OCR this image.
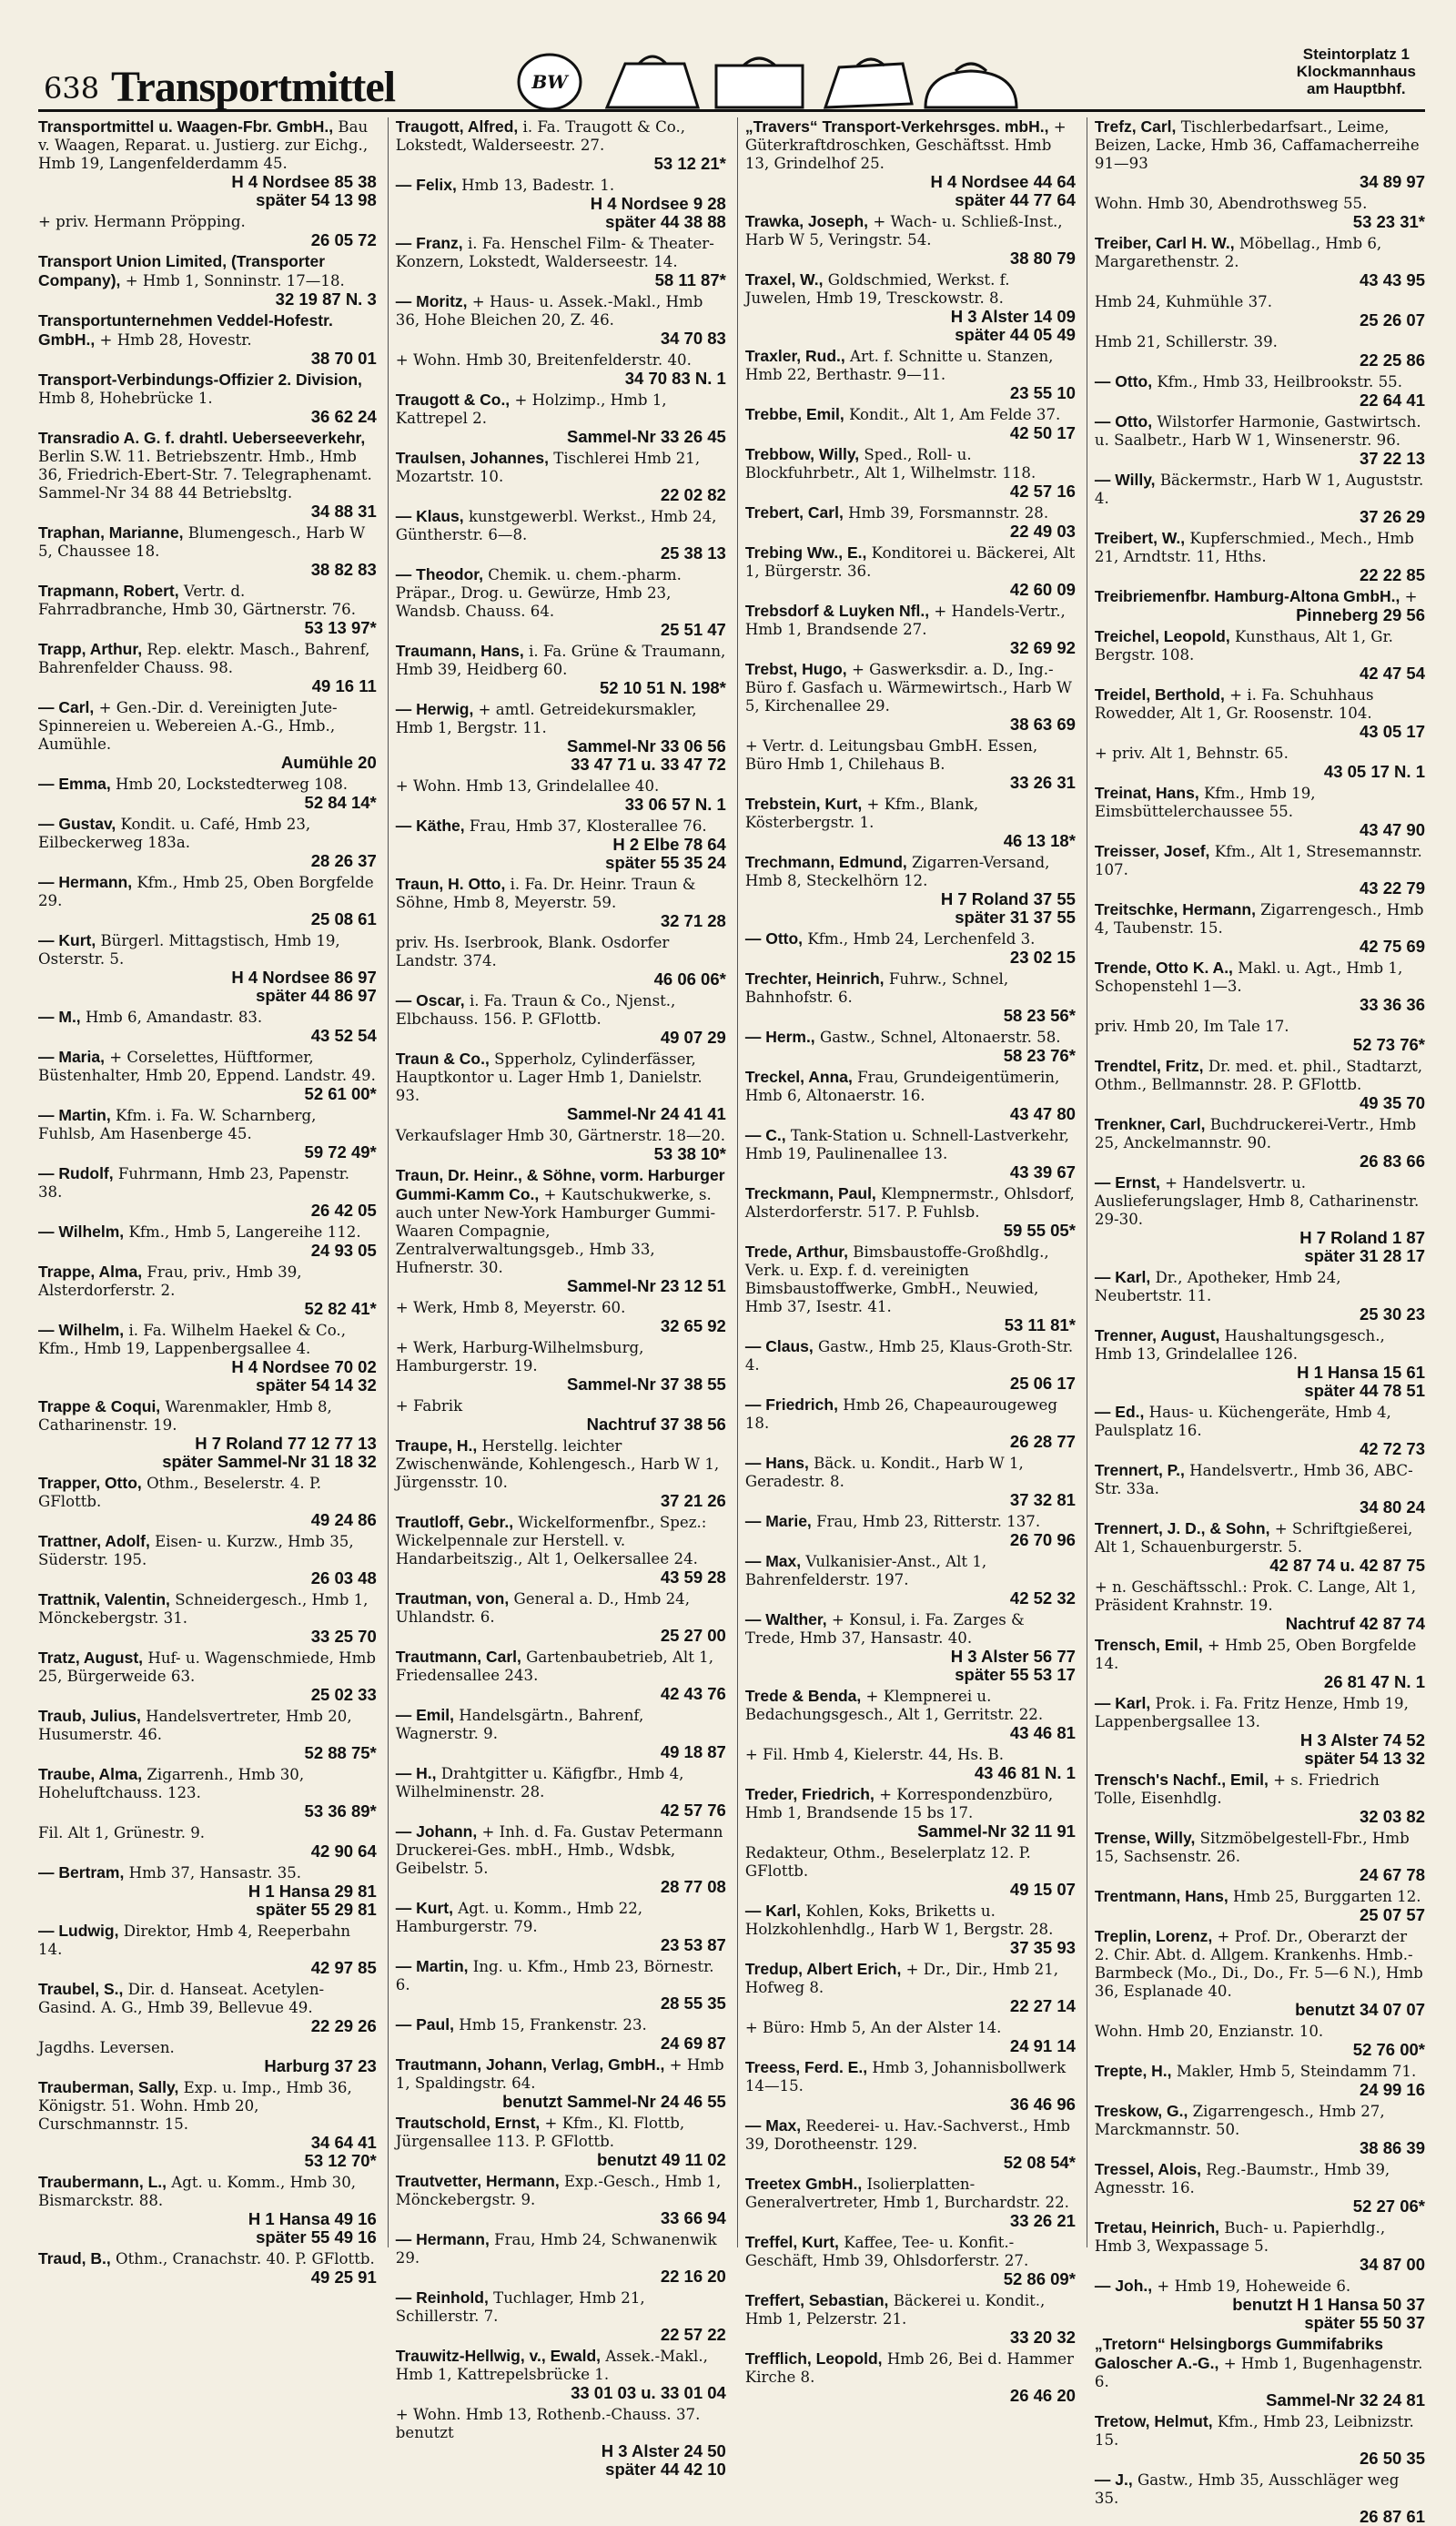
638 Transportmittel	BW
Steintorplatz 1
Klockmannhaus
am Hauptbhf.
Transportmittel u. Waagen-Fbr. GmbH., Bau v. Waagen, Reparat. u. Justierg. zur Eichg., Hmb 19, Langenfelderdamm 45.
H 4 Nordsee 85 38
später 54 13 98
+ priv. Hermann Pröpping.
26 05 72
Transport Union Limited, (Transporter Company), + Hmb 1, Sonninstr. 17—18.
32 19 87 N. 3
Transportunternehmen Veddel-Hofestr. GmbH., + Hmb 28, Hovestr.
38 70 01
Transport-Verbindungs-Offizier 2. Division, Hmb 8, Hohebrücke 1.
36 62 24
Transradio A. G. f. drahtl. Ueberseeverkehr, Berlin S.W. 11. Betriebszentr. Hmb., Hmb 36, Friedrich-Ebert-Str. 7. Telegraphenamt. Sammel-Nr 34 88 44 Betriebsltg.
34 88 31
Traphan, Marianne, Blumengesch., Harb W 5, Chaussee 18.
38 82 83
Trapmann, Robert, Vertr. d. Fahrradbranche, Hmb 30, Gärtnerstr. 76.
53 13 97*
Trapp, Arthur, Rep. elektr. Masch., Bahrenf, Bahrenfelder Chauss. 98.
49 16 11
— Carl, + Gen.-Dir. d. Vereinigten Jute-Spinnereien u. Webereien A.-G., Hmb., Aumühle.
Aumühle 20
— Emma, Hmb 20, Lockstedterweg 108.
52 84 14*
— Gustav, Kondit. u. Café, Hmb 23, Eilbeckerweg 183a.
28 26 37
— Hermann, Kfm., Hmb 25, Oben Borgfelde 29.
25 08 61
— Kurt, Bürgerl. Mittagstisch, Hmb 19, Osterstr. 5.
H 4 Nordsee 86 97
später 44 86 97
— M., Hmb 6, Amandastr. 83.
43 52 54
— Maria, + Corselettes, Hüftformer, Büstenhalter, Hmb 20, Eppend. Landstr. 49.
52 61 00*
— Martin, Kfm. i. Fa. W. Scharnberg, Fuhlsb, Am Hasenberge 45.
59 72 49*
— Rudolf, Fuhrmann, Hmb 23, Papenstr. 38.
26 42 05
— Wilhelm, Kfm., Hmb 5, Langereihe 112.
24 93 05
Trappe, Alma, Frau, priv., Hmb 39, Alsterdorferstr. 2.
52 82 41*
— Wilhelm, i. Fa. Wilhelm Haekel & Co., Kfm., Hmb 19, Lappenbergsallee 4.
H 4 Nordsee 70 02
später 54 14 32
Trappe & Coqui, Warenmakler, Hmb 8, Catharinenstr. 19.
H 7 Roland 77 12 77 13
später Sammel-Nr 31 18 32
Trapper, Otto, Othm., Beselerstr. 4. P. GFlottb.
49 24 86
Trattner, Adolf, Eisen- u. Kurzw., Hmb 35, Süderstr. 195.
26 03 48
Trattnik, Valentin, Schneidergesch., Hmb 1, Mönckebergstr. 31.
33 25 70
Tratz, August, Huf- u. Wagenschmiede, Hmb 25, Bürgerweide 63.
25 02 33
Traub, Julius, Handelsvertreter, Hmb 20, Husumerstr. 46.
52 88 75*
Traube, Alma, Zigarrenh., Hmb 30, Hoheluftchauss. 123.
53 36 89*
Fil. Alt 1, Grünestr. 9.
42 90 64
— Bertram, Hmb 37, Hansastr. 35.
H 1 Hansa 29 81
später 55 29 81
— Ludwig, Direktor, Hmb 4, Reeperbahn 14.
42 97 85
Traubel, S., Dir. d. Hanseat. Acetylen-Gasind. A. G., Hmb 39, Bellevue 49.
22 29 26
Jagdhs. Leversen.
Harburg 37 23
Trauberman, Sally, Exp. u. Imp., Hmb 36, Königstr. 51. Wohn. Hmb 20, Curschmannstr. 15.
34 64 41
53 12 70*
Traubermann, L., Agt. u. Komm., Hmb 30, Bismarckstr. 88.
H 1 Hansa 49 16
später 55 49 16
Traud, B., Othm., Cranachstr. 40. P. GFlottb.
49 25 91
Traugott, Alfred, i. Fa. Traugott & Co., Lokstedt, Walderseestr. 27.
53 12 21*
— Felix, Hmb 13, Badestr. 1.
H 4 Nordsee 9 28
später 44 38 88
— Franz, i. Fa. Henschel Film- & Theater-Konzern, Lokstedt, Walderseestr. 14.
58 11 87*
— Moritz, + Haus- u. Assek.-Makl., Hmb 36, Hohe Bleichen 20, Z. 46.
34 70 83
+ Wohn. Hmb 30, Breitenfelderstr. 40.
34 70 83 N. 1
Traugott & Co., + Holzimp., Hmb 1, Kattrepel 2.
Sammel-Nr 33 26 45
Traulsen, Johannes, Tischlerei Hmb 21, Mozartstr. 10.
22 02 82
— Klaus, kunstgewerbl. Werkst., Hmb 24, Güntherstr. 6—8.
25 38 13
— Theodor, Chemik. u. chem.-pharm. Präpar., Drog. u. Gewürze, Hmb 23, Wandsb. Chauss. 64.
25 51 47
Traumann, Hans, i. Fa. Grüne & Traumann, Hmb 39, Heidberg 60.
52 10 51 N. 198*
— Herwig, + amtl. Getreidekursmakler, Hmb 1, Bergstr. 11.
Sammel-Nr 33 06 56
33 47 71 u. 33 47 72
+ Wohn. Hmb 13, Grindelallee 40.
33 06 57 N. 1
— Käthe, Frau, Hmb 37, Klosterallee 76.
H 2 Elbe 78 64
später 55 35 24
Traun, H. Otto, i. Fa. Dr. Heinr. Traun & Söhne, Hmb 8, Meyerstr. 59.
32 71 28
priv. Hs. Iserbrook, Blank. Osdorfer Landstr. 374.
46 06 06*
— Oscar, i. Fa. Traun & Co., Njenst., Elbchauss. 156. P. GFlottb.
49 07 29
Traun & Co., Spperholz, Cylinderfässer, Hauptkontor u. Lager Hmb 1, Danielstr. 93.
Sammel-Nr 24 41 41
Verkaufslager Hmb 30, Gärtnerstr. 18—20.
53 38 10*
Traun, Dr. Heinr., & Söhne, vorm. Harburger Gummi-Kamm Co., + Kautschukwerke, s. auch unter New-York Hamburger Gummi-Waaren Compagnie, Zentralverwaltungsgeb., Hmb 33, Hufnerstr. 30.
Sammel-Nr 23 12 51
+ Werk, Hmb 8, Meyerstr. 60.
32 65 92
+ Werk, Harburg-Wilhelmsburg, Hamburgerstr. 19.
Sammel-Nr 37 38 55
+ Fabrik
Nachtruf 37 38 56
Traupe, H., Herstellg. leichter Zwischenwände, Kohlengesch., Harb W 1, Jürgensstr. 10.
37 21 26
Trautloff, Gebr., Wickelformenfbr., Spez.: Wickelpennale zur Herstell. v. Handarbeitszig., Alt 1, Oelkersallee 24.
43 59 28
Trautman, von, General a. D., Hmb 24, Uhlandstr. 6.
25 27 00
Trautmann, Carl, Gartenbaubetrieb, Alt 1, Friedensallee 243.
42 43 76
— Emil, Handelsgärtn., Bahrenf, Wagnerstr. 9.
49 18 87
— H., Drahtgitter u. Käfigfbr., Hmb 4, Wilhelminenstr. 28.
42 57 76
— Johann, + Inh. d. Fa. Gustav Petermann Druckerei-Ges. mbH., Hmb., Wdsbk, Geibelstr. 5.
28 77 08
— Kurt, Agt. u. Komm., Hmb 22, Hamburgerstr. 79.
23 53 87
— Martin, Ing. u. Kfm., Hmb 23, Börnestr. 6.
28 55 35
— Paul, Hmb 15, Frankenstr. 23.
24 69 87
Trautmann, Johann, Verlag, GmbH., + Hmb 1, Spaldingstr. 64.
benutzt Sammel-Nr 24 46 55
Trautschold, Ernst, + Kfm., Kl. Flottb, Jürgensallee 113. P. GFlottb.
benutzt 49 11 02
Trautvetter, Hermann, Exp.-Gesch., Hmb 1, Mönckebergstr. 9.
33 66 94
— Hermann, Frau, Hmb 24, Schwanenwik 29.
22 16 20
— Reinhold, Tuchlager, Hmb 21, Schillerstr. 7.
22 57 22
Trauwitz-Hellwig, v., Ewald, Assek.-Makl., Hmb 1, Kattrepelsbrücke 1.
33 01 03 u. 33 01 04
+ Wohn. Hmb 13, Rothenb.-Chauss. 37. benutzt
H 3 Alster 24 50
später 44 42 10
„Travers“ Transport-Verkehrsges. mbH., + Güterkraftdroschken, Geschäftsst. Hmb 13, Grindelhof 25.
H 4 Nordsee 44 64
später 44 77 64
Trawka, Joseph, + Wach- u. Schließ-Inst., Harb W 5, Veringstr. 54.
38 80 79
Traxel, W., Goldschmied, Werkst. f. Juwelen, Hmb 19, Tresckowstr. 8.
H 3 Alster 14 09
später 44 05 49
Traxler, Rud., Art. f. Schnitte u. Stanzen, Hmb 22, Berthastr. 9—11.
23 55 10
Trebbe, Emil, Kondit., Alt 1, Am Felde 37.
42 50 17
Trebbow, Willy, Sped., Roll- u. Blockfuhrbetr., Alt 1, Wilhelmstr. 118.
42 57 16
Trebert, Carl, Hmb 39, Forsmannstr. 28.
22 49 03
Trebing Ww., E., Konditorei u. Bäckerei, Alt 1, Bürgerstr. 36.
42 60 09
Trebsdorf & Luyken Nfl., + Handels-Vertr., Hmb 1, Brandsende 27.
32 69 92
Trebst, Hugo, + Gaswerksdir. a. D., Ing.-Büro f. Gasfach u. Wärmewirtsch., Harb W 5, Kirchenallee 29.
38 63 69
+ Vertr. d. Leitungsbau GmbH. Essen, Büro Hmb 1, Chilehaus B.
33 26 31
Trebstein, Kurt, + Kfm., Blank, Kösterbergstr. 1.
46 13 18*
Trechmann, Edmund, Zigarren-Versand, Hmb 8, Steckelhörn 12.
H 7 Roland 37 55
später 31 37 55
— Otto, Kfm., Hmb 24, Lerchenfeld 3.
23 02 15
Trechter, Heinrich, Fuhrw., Schnel, Bahnhofstr. 6.
58 23 56*
— Herm., Gastw., Schnel, Altonaerstr. 58.
58 23 76*
Treckel, Anna, Frau, Grundeigentümerin, Hmb 6, Altonaerstr. 16.
43 47 80
— C., Tank-Station u. Schnell-Lastverkehr, Hmb 19, Paulinenallee 13.
43 39 67
Treckmann, Paul, Klempnermstr., Ohlsdorf, Alsterdorferstr. 517. P. Fuhlsb.
59 55 05*
Trede, Arthur, Bimsbaustoffe-Großhdlg., Verk. u. Exp. f. d. vereinigten Bimsbaustoffwerke, GmbH., Neuwied, Hmb 37, Isestr. 41.
53 11 81*
— Claus, Gastw., Hmb 25, Klaus-Groth-Str. 4.
25 06 17
— Friedrich, Hmb 26, Chapeaurougeweg 18.
26 28 77
— Hans, Bäck. u. Kondit., Harb W 1, Geradestr. 8.
37 32 81
— Marie, Frau, Hmb 23, Ritterstr. 137.
26 70 96
— Max, Vulkanisier-Anst., Alt 1, Bahrenfelderstr. 197.
42 52 32
— Walther, + Konsul, i. Fa. Zarges & Trede, Hmb 37, Hansastr. 40.
H 3 Alster 56 77
später 55 53 17
Trede & Benda, + Klempnerei u. Bedachungsgesch., Alt 1, Gerritstr. 22.
43 46 81
+ Fil. Hmb 4, Kielerstr. 44, Hs. B.
43 46 81 N. 1
Treder, Friedrich, + Korrespondenzbüro, Hmb 1, Brandsende 15 bs 17.
Sammel-Nr 32 11 91
Redakteur, Othm., Beselerplatz 12. P. GFlottb.
49 15 07
— Karl, Kohlen, Koks, Briketts u. Holzkohlenhdlg., Harb W 1, Bergstr. 28.
37 35 93
Tredup, Albert Erich, + Dr., Dir., Hmb 21, Hofweg 8.
22 27 14
+ Büro: Hmb 5, An der Alster 14.
24 91 14
Treess, Ferd. E., Hmb 3, Johannisbollwerk 14—15.
36 46 96
— Max, Reederei- u. Hav.-Sachverst., Hmb 39, Dorotheenstr. 129.
52 08 54*
Treetex GmbH., Isolierplatten-Generalvertreter, Hmb 1, Burchardstr. 22.
33 26 21
Treffel, Kurt, Kaffee, Tee- u. Konfit.-Geschäft, Hmb 39, Ohlsdorferstr. 27.
52 86 09*
Treffert, Sebastian, Bäckerei u. Kondit., Hmb 1, Pelzerstr. 21.
33 20 32
Trefflich, Leopold, Hmb 26, Bei d. Hammer Kirche 8.
26 46 20
Trefz, Carl, Tischlerbedarfsart., Leime, Beizen, Lacke, Hmb 36, Caffamacherreihe 91—93
34 89 97
Wohn. Hmb 30, Abendrothsweg 55.
53 23 31*
Treiber, Carl H. W., Möbellag., Hmb 6, Margarethenstr. 2.
43 43 95
Hmb 24, Kuhmühle 37.
25 26 07
Hmb 21, Schillerstr. 39.
22 25 86
— Otto, Kfm., Hmb 33, Heilbrookstr. 55.
22 64 41
— Otto, Wilstorfer Harmonie, Gastwirtsch. u. Saalbetr., Harb W 1, Winsenerstr. 96.
37 22 13
— Willy, Bäckermstr., Harb W 1, Auguststr. 4.
37 26 29
Treibert, W., Kupferschmied., Mech., Hmb 21, Arndtstr. 11, Hths.
22 22 85
Treibriemenfbr. Hamburg-Altona GmbH., +
Pinneberg 29 56
Treichel, Leopold, Kunsthaus, Alt 1, Gr. Bergstr. 108.
42 47 54
Treidel, Berthold, + i. Fa. Schuhhaus Rowedder, Alt 1, Gr. Roosenstr. 104.
43 05 17
+ priv. Alt 1, Behnstr. 65.
43 05 17 N. 1
Treinat, Hans, Kfm., Hmb 19, Eimsbüttelerchaussee 55.
43 47 90
Treisser, Josef, Kfm., Alt 1, Stresemannstr. 107.
43 22 79
Treitschke, Hermann, Zigarrengesch., Hmb 4, Taubenstr. 15.
42 75 69
Trende, Otto K. A., Makl. u. Agt., Hmb 1, Schopenstehl 1—3.
33 36 36
priv. Hmb 20, Im Tale 17.
52 73 76*
Trendtel, Fritz, Dr. med. et. phil., Stadtarzt, Othm., Bellmannstr. 28. P. GFlottb.
49 35 70
Trenkner, Carl, Buchdruckerei-Vertr., Hmb 25, Anckelmannstr. 90.
26 83 66
— Ernst, + Handelsvertr. u. Auslieferungslager, Hmb 8, Catharinenstr. 29-30.
H 7 Roland 1 87
später 31 28 17
— Karl, Dr., Apotheker, Hmb 24, Neubertstr. 11.
25 30 23
Trenner, August, Haushaltungsgesch., Hmb 13, Grindelallee 126.
H 1 Hansa 15 61
später 44 78 51
— Ed., Haus- u. Küchengeräte, Hmb 4, Paulsplatz 16.
42 72 73
Trennert, P., Handelsvertr., Hmb 36, ABC-Str. 33a.
34 80 24
Trennert, J. D., & Sohn, + Schriftgießerei, Alt 1, Schauenburgerstr. 5.
42 87 74 u. 42 87 75
+ n. Geschäftsschl.: Prok. C. Lange, Alt 1, Präsident Krahnstr. 19.
Nachtruf 42 87 74
Trensch, Emil, + Hmb 25, Oben Borgfelde 14.
26 81 47 N. 1
— Karl, Prok. i. Fa. Fritz Henze, Hmb 19, Lappenbergsallee 13.
H 3 Alster 74 52
später 54 13 32
Trensch's Nachf., Emil, + s. Friedrich Tolle, Eisenhdlg.
32 03 82
Trense, Willy, Sitzmöbelgestell-Fbr., Hmb 15, Sachsenstr. 26.
24 67 78
Trentmann, Hans, Hmb 25, Burggarten 12.
25 07 57
Treplin, Lorenz, + Prof. Dr., Oberarzt der 2. Chir. Abt. d. Allgem. Krankenhs. Hmb.-Barmbeck (Mo., Di., Do., Fr. 5—6 N.), Hmb 36, Esplanade 40.
benutzt 34 07 07
Wohn. Hmb 20, Enzianstr. 10.
52 76 00*
Trepte, H., Makler, Hmb 5, Steindamm 71.
24 99 16
Treskow, G., Zigarrengesch., Hmb 27, Marckmannstr. 50.
38 86 39
Tressel, Alois, Reg.-Baumstr., Hmb 39, Agnesstr. 16.
52 27 06*
Tretau, Heinrich, Buch- u. Papierhdlg., Hmb 3, Wexpassage 5.
34 87 00
— Joh., + Hmb 19, Hoheweide 6.
benutzt H 1 Hansa 50 37
später 55 50 37
„Tretorn“ Helsingborgs Gummifabriks Galoscher A.-G., + Hmb 1, Bugenhagenstr. 6.
Sammel-Nr 32 24 81
Tretow, Helmut, Kfm., Hmb 23, Leibnizstr. 15.
26 50 35
— J., Gastw., Hmb 35, Ausschläger weg 35.
26 87 61
